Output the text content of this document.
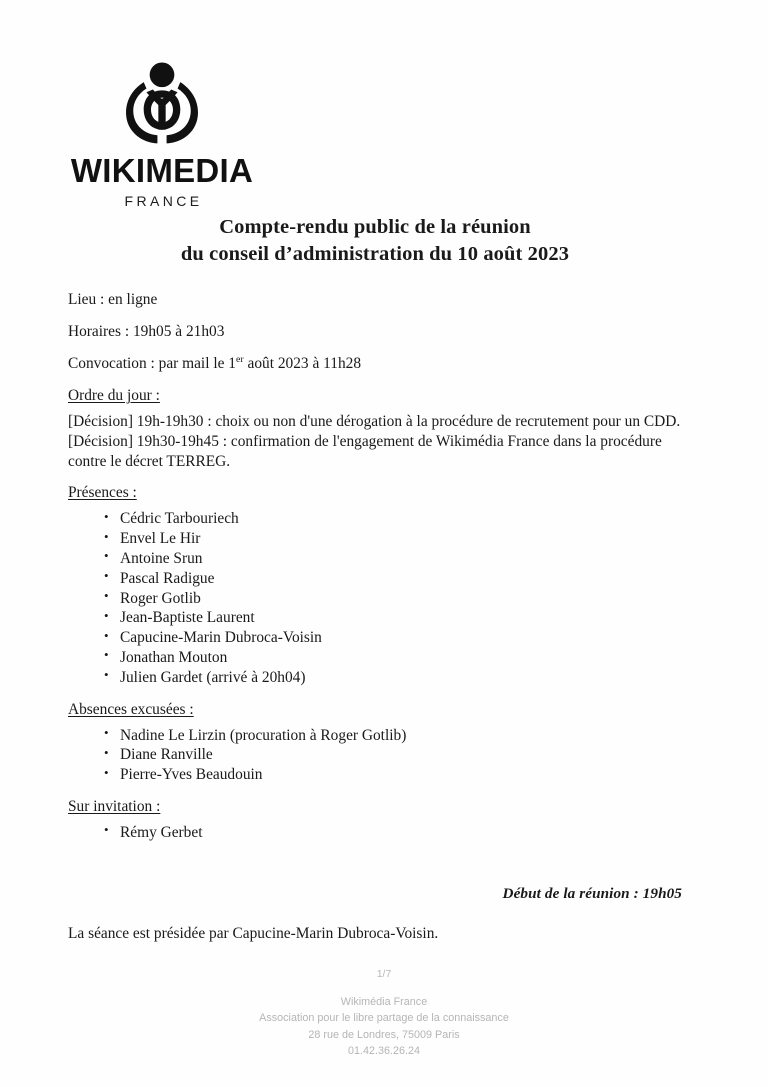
WIKIMEDIA
FRANCE
Compte-rendu public de la réunion
du conseil d’administration du 10 août 2023

Lieu : en ligne

Horaires : 19h05 à 21h03

Convocation : par mail le 1er août 2023 à 11h28

Ordre du jour :

[Décision] 19h-19h30 : choix ou non d'une dérogation à la procédure de recrutement pour un CDD.

[Décision] 19h30-19h45 : confirmation de l'engagement de Wikimédia France dans la procédure contre le décret TERREG.

Présences :
• Cédric Tarbouriech
• Envel Le Hir
• Antoine Srun
• Pascal Radigue
• Roger Gotlib
• Jean-Baptiste Laurent
• Capucine-Marin Dubroca-Voisin
• Jonathan Mouton
• Julien Gardet (arrivé à 20h04)
Absences excusées :
• Nadine Le Lirzin (procuration à Roger Gotlib)
• Diane Ranville
• Pierre-Yves Beaudouin
Sur invitation :
• Rémy Gerbet

Début de la réunion : 19h05

La séance est présidée par Capucine-Marin Dubroca-Voisin.

1/7
Wikimédia France
Association pour le libre partage de la connaissance
28 rue de Londres, 75009 Paris
01.42.36.26.24
